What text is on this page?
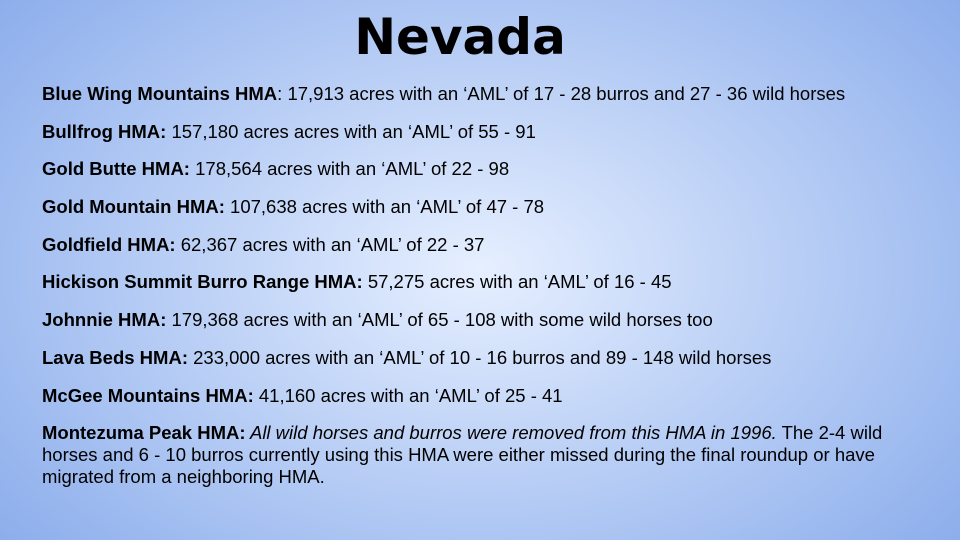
Nevada
Blue Wing Mountains HMA: 17,913 acres with an ‘AML’ of 17 - 28 burros and 27 - 36 wild horses
Bullfrog HMA: 157,180 acres acres with an ‘AML’ of 55 - 91
Gold Butte HMA: 178,564 acres with an ‘AML’ of 22 - 98
Gold Mountain HMA: 107,638 acres with an ‘AML’ of 47 - 78
Goldfield HMA: 62,367 acres with an ‘AML’ of 22 - 37
Hickison Summit Burro Range HMA: 57,275 acres with an ‘AML’ of 16 - 45
Johnnie HMA: 179,368 acres with an ‘AML’ of 65 - 108 with some wild horses too
Lava Beds HMA: 233,000 acres with an ‘AML’ of 10 - 16 burros and 89 - 148 wild horses
McGee Mountains HMA: 41,160 acres with an ‘AML’ of 25 - 41
Montezuma Peak HMA: All wild horses and burros were removed from this HMA in 1996. The 2-4 wild horses and 6 - 10 burros currently using this HMA were either missed during the final roundup or have migrated from a neighboring HMA.
